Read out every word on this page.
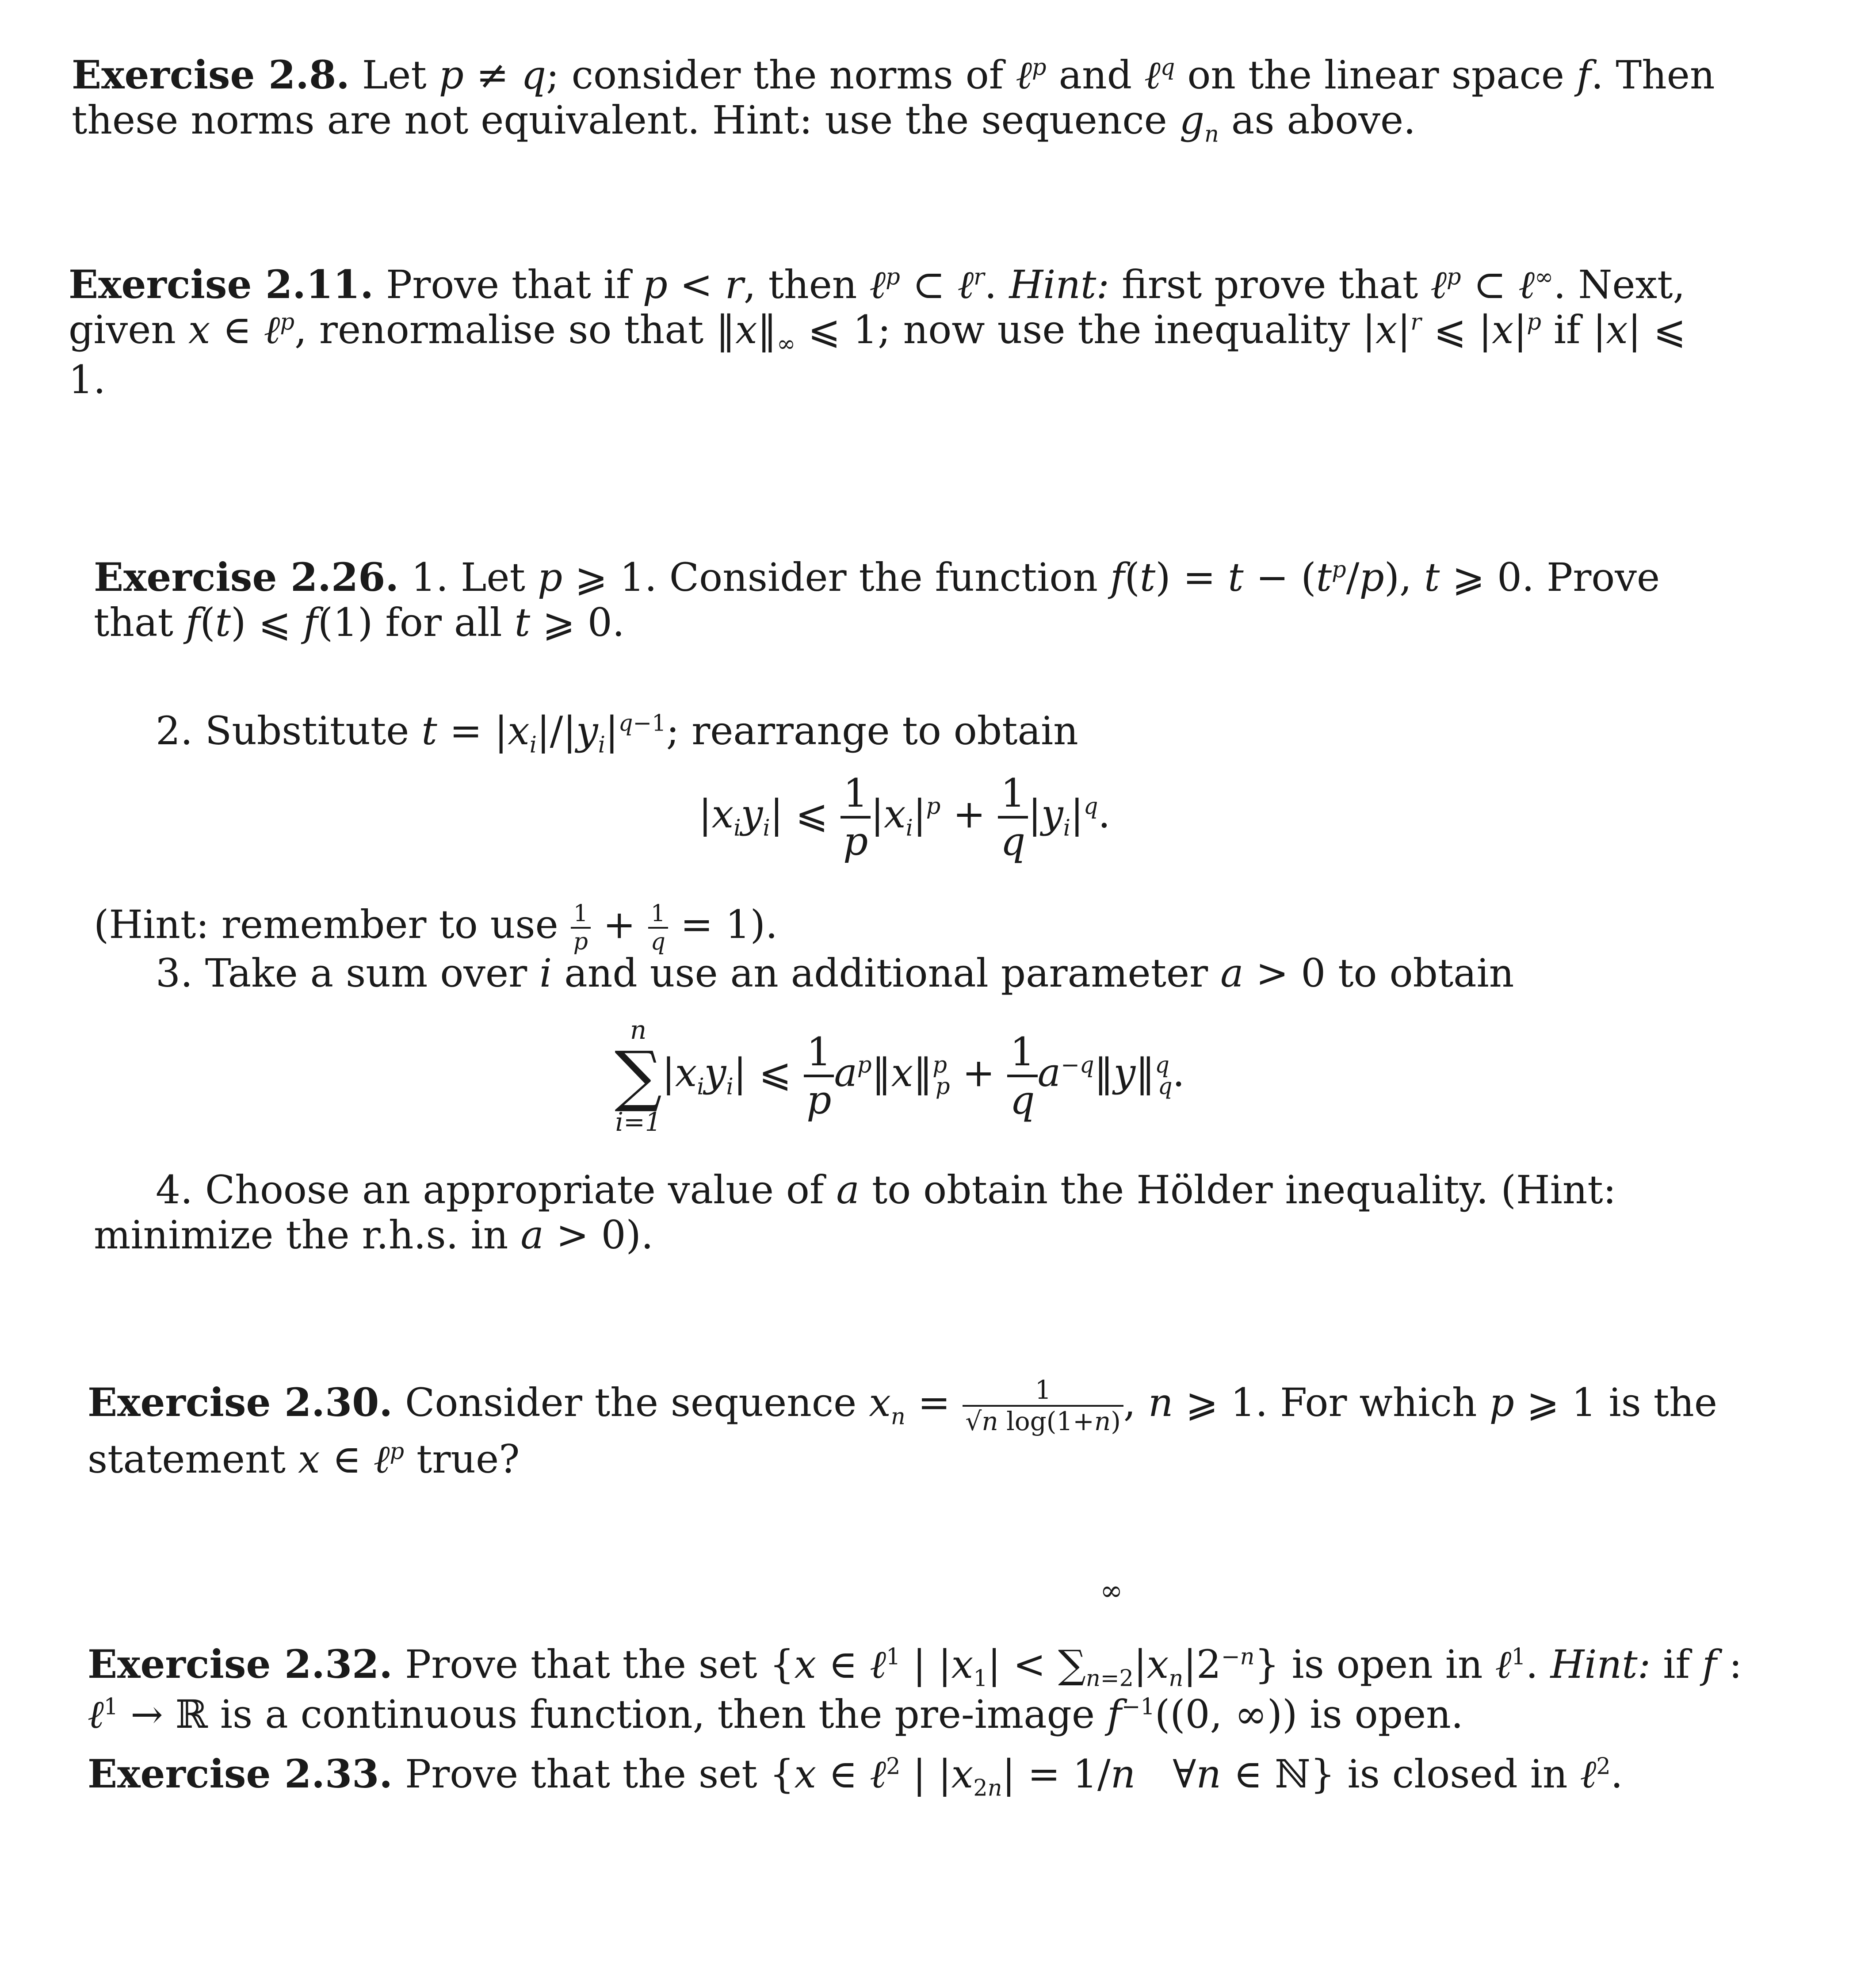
Exercise 2.8. Let p ≠ q; consider the norms of ℓ$^p$ and ℓ$^q$ on the linear space f. Then these norms are not equivalent. Hint: use the sequence $g_n$ as above.
Exercise 2.11. Prove that if p < r, then ℓ$^p$ ⊂ ℓ$^r$. Hint: first prove that ℓ$^p$ ⊂ ℓ∞. Next, given x ∈ ℓ$^p$, renormalise so that $‖x‖_\infty$ ⩽ 1; now use the inequality $|x|^r$ ⩽ $|x|^p$ if |x| ⩽ 1.
Exercise 2.26. 1. Let p ⩾ 1. Consider the function $f(t) = t - (t^p/p)$, t ⩾ 0. Prove that f(t) ⩽ f(1) for all t ⩾ 0.
2. Substitute $t = |x_i|/|y_i|^{q-1}$; rearrange to obtain
$|x_iy_i|$ ⩽ $\frac{1}{p} |x_i|^p + \frac{1}{q} |y_i|^q$.
(Hint: remember to use $\frac{1}{p} + \frac{1}{q} = 1$).
3. Take a sum over i and use an additional parameter a > 0 to obtain
n
∑
i=1
$|x_iy_i|$ ⩽ $\frac{1}{p}$ $a^p‖x‖^p_p + \frac{1}{q}$ $a^{-q}‖y‖^q_q$.
4. Choose an appropriate value of a to obtain the Hölder inequality. (Hint: minimize the r.h.s. in a > 0).
Exercise 2.30. Consider the sequence $x_n = \frac{1}{\text{√n log(1+n)}}$ , n ⩾ 1. For which p ⩾ 1 is the statement x ∈ ℓ$^p$ true?
∞
Exercise 2.32. Prove that the set {x ∈ ℓ$^1$ | $|x_1| < \sum_{n=2}|x_n|2^{-n}$} is open in ℓ$^1$. Hint: if f : ℓ$^1$ → ℝ is a continuous function, then the pre-image $f^{-1}((0$, ∞)) is open.
Exercise 2.33. Prove that the set {x ∈ ℓ$^2$ | $|x_{2n}| = 1/n$   ∀n ∈ ℕ} is closed in ℓ$^2$.
